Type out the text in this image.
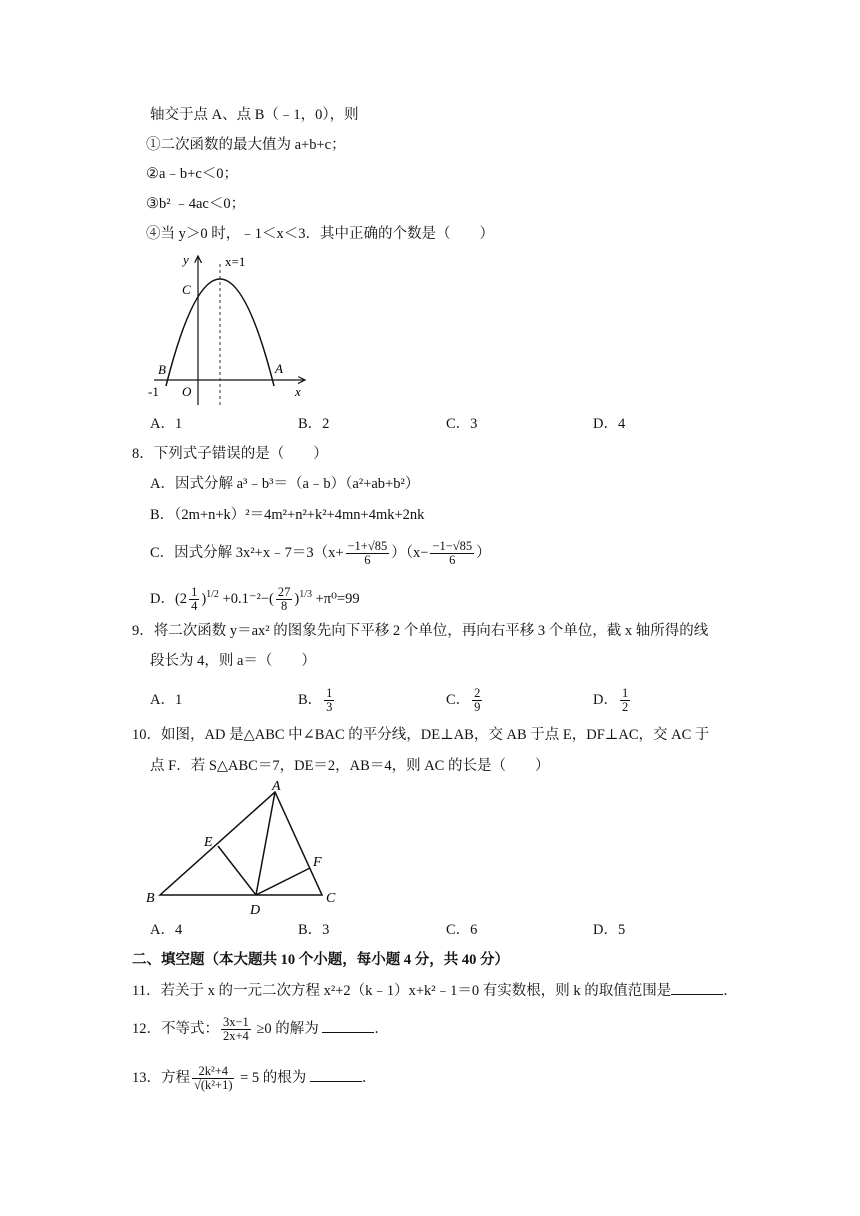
轴交于点 A、点 B（﹣1，0），则
①二次函数的最大值为 a+b+c；
②a﹣b+c＜0；
③b² ﹣4ac＜0；
④当 y＞0 时，﹣1＜x＜3．其中正确的个数是（　　）
y	x=1
C
B	A
O
-1	x
A．1	B．2	C．3	D．4
8．下列式子错误的是（　　）
A．因式分解 a³﹣b³＝（a﹣b）（a²+ab+b²）
B．（2m+n+k）²＝4m²+n²+k²+4mn+4mk+2nk
C．因式分解 3x²+x﹣7＝3（x+ $\frac{-1+√85}{6} )(x- \frac{-1-√85}{6}$ ）
D．$(2 \frac{1}{4} )^{1/2} +0.1^{-2}-( \frac{27}{8} )^{1/3} +\pi^0=99$
9．将二次函数 y＝ax² 的图象先向下平移 2 个单位，再向右平移 3 个单位，截 x 轴所得的线
段长为 4，则 a＝（　　）
A．1	B． $\frac{1}{3}$	C． $\frac{2}{9}$	D． $\frac{1}{2}$
10．如图，AD 是△ABC 中∠BAC 的平分线，DE⊥AB，交 AB 于点 E，DF⊥AC，交 AC 于
点 F．若 S△ABC＝7，DE＝2，AB＝4，则 AC 的长是（　　）
A
B	C
D
E
F
A．4	B．3	C．6	D．5
二、填空题（本大题共 10 个小题，每小题 4 分，共 40 分）
11．若关于 x 的一元二次方程 x²+2（k﹣1）x+k²﹣1＝0 有实数根，则 k 的取值范围是	．
12．不等式： $\frac{3x-1}{2x+4} \ge 0$ 的解为	．
13．方程 $\frac{\text{2k²+4}}{\text{√(k²+1)}} = 5$ 的根为	．
